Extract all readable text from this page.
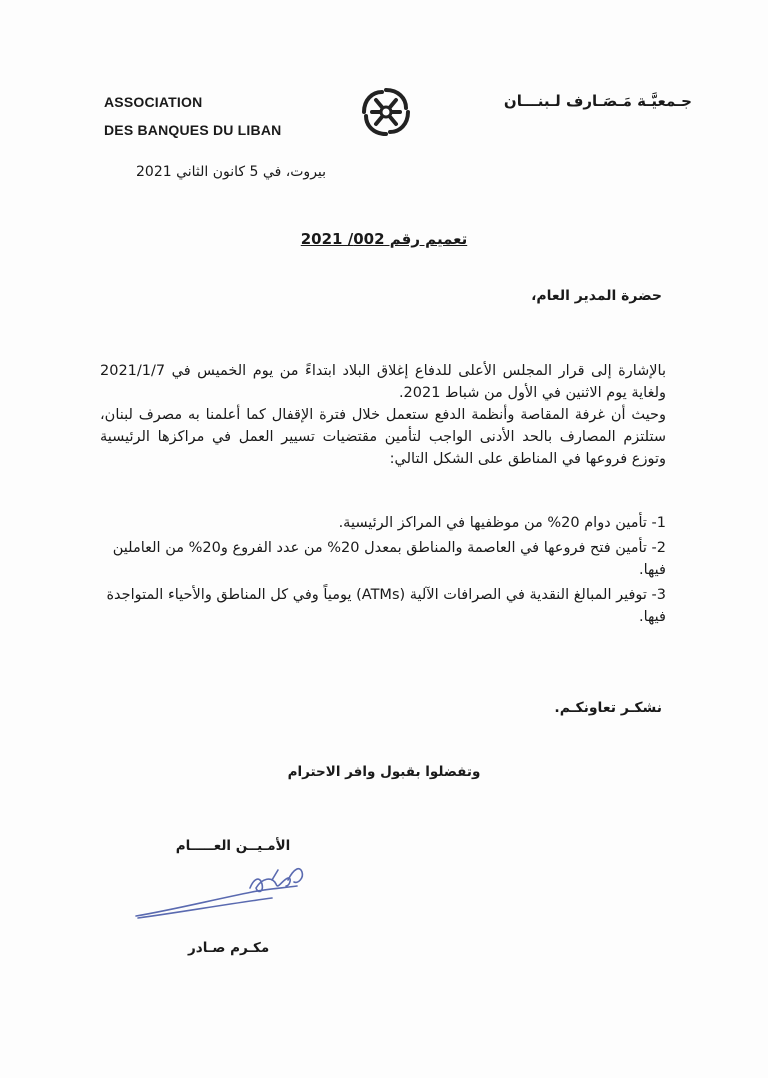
ASSOCIATION
DES BANQUES DU LIBAN
جـمعيَّـة مَـصَـارف لـبنـــان
بيروت، في 5 كانون الثاني 2021
تعميم رقم 002/ 2021
حضرة المدير العام،

بالإشارة إلى قرار المجلس الأعلى للدفاع إغلاق البلاد ابتداءً من يوم الخميس في 2021/1/7 ولغاية يوم الاثنين في الأول من شباط 2021.

وحيث أن غرفة المقاصة وأنظمة الدفع ستعمل خلال فترة الإقفال كما أعلمنا به مصرف لبنان، ستلتزم المصارف بالحد الأدنى الواجب لتأمين مقتضيات تسيير العمل في مراكزها الرئيسية وتوزع فروعها في المناطق على الشكل التالي:

1- تأمين دوام 20% من موظفيها في المراكز الرئيسية.

2- تأمين فتح فروعها في العاصمة والمناطق بمعدل 20% من عدد الفروع و20% من العاملين فيها.

3- توفير المبالغ النقدية في الصرافات الآلية (ATMs) يومياً وفي كل المناطق والأحياء المتواجدة فيها.

نشكـر تعاونكـم.
وتفضلوا بقبول وافر الاحترام
الأمـيــن العـــــام
مكـرم صـادر
